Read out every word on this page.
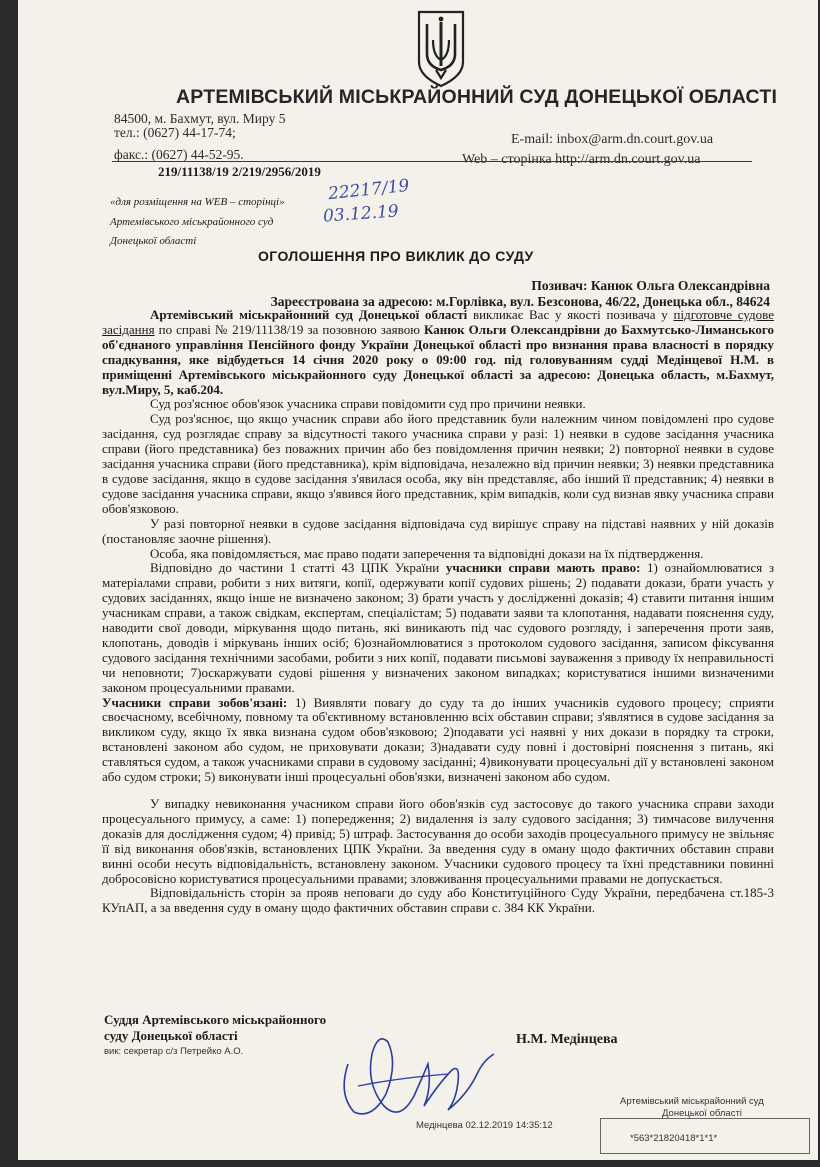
АРТЕМІВСЬКИЙ МІСЬКРАЙОННИЙ СУД ДОНЕЦЬКОЇ ОБЛАСТІ
84500, м. Бахмут, вул. Миру 5
тел.: (0627) 44-17-74;
факс.: (0627) 44-52-95.
E-mail: inbox@arm.dn.court.gov.ua
Web – сторінка http://arm.dn.court.gov.ua
219/11138/19 2/219/2956/2019
«для розміщення на WEB – сторінці»
Артемівського міськрайонного суд
Донецької області
22217/19
03.12.19
ОГОЛОШЕННЯ ПРО ВИКЛИК ДО СУДУ
Позивач: Канюк Ольга Олександрівна
Зареєстрована за адресою: м.Горлівка, вул. Безсонова, 46/22, Донецька обл., 84624

Артемівський міськрайонний суд Донецької області викликає Вас у якості позивача у підготовче судове засідання по справі № 219/11138/19 за позовною заявою Канюк Ольги Олександрівни до Бахмутсько-Лиманського об'єднаного управління Пенсійного фонду України Донецької області про визнання права власності в порядку спадкування, яке відбудеться 14 січня 2020 року о 09:00 год. під головуванням судді Медінцевої Н.М. в приміщенні Артемівського міськрайонного суду Донецької області за адресою: Донецька область, м.Бахмут, вул.Миру, 5, каб.204.

Суд роз'яснює обов'язок учасника справи повідомити суд про причини неявки.

Суд роз'яснює, що якщо учасник справи або його представник були належним чином повідомлені про судове засідання, суд розглядає справу за відсутності такого учасника справи у разі: 1) неявки в судове засідання учасника справи (його представника) без поважних причин або без повідомлення причин неявки; 2) повторної неявки в судове засідання учасника справи (його представника), крім відповідача, незалежно від причин неявки; 3) неявки представника в судове засідання, якщо в судове засідання з'явилася особа, яку він представляє, або інший її представник; 4) неявки в судове засідання учасника справи, якщо з'явився його представник, крім випадків, коли суд визнав явку учасника справи обов'язковою.

У разі повторної неявки в судове засідання відповідача суд вирішує справу на підставі наявних у ній доказів (постановляє заочне рішення).

Особа, яка повідомляється, має право подати заперечення та відповідні докази на їх підтвердження.

Відповідно до частини 1 статті 43 ЦПК України учасники справи мають право: 1) ознайомлюватися з матеріалами справи, робити з них витяги, копії, одержувати копії судових рішень; 2) подавати докази, брати участь у судових засіданнях, якщо інше не визначено законом; 3) брати участь у дослідженні доказів; 4) ставити питання іншим учасникам справи, а також свідкам, експертам, спеціалістам; 5) подавати заяви та клопотання, надавати пояснення суду, наводити свої доводи, міркування щодо питань, які виникають під час судового розгляду, і заперечення проти заяв, клопотань, доводів і міркувань інших осіб; 6)ознайомлюватися з протоколом судового засідання, записом фіксування судового засідання технічними засобами, робити з них копії, подавати письмові зауваження з приводу їх неправильності чи неповноти; 7)оскаржувати судові рішення у визначених законом випадках; користуватися іншими визначеними законом процесуальними правами.

Учасники справи зобов'язані: 1) Виявляти повагу до суду та до інших учасників судового процесу; сприяти своєчасному, всебічному, повному та об'єктивному встановленню всіх обставин справи; з'являтися в судове засідання за викликом суду, якщо їх явка визнана судом обов'язковою; 2)подавати усі наявні у них докази в порядку та строки, встановлені законом або судом, не приховувати докази; 3)надавати суду повні і достовірні пояснення з питань, які ставляться судом, а також учасниками справи в судовому засіданні; 4)виконувати процесуальні дії у встановлені законом або судом строки; 5) виконувати інші процесуальні обов'язки, визначені законом або судом.

У випадку невиконання учасником справи його обов'язків суд застосовує до такого учасника справи заходи процесуального примусу, а саме: 1) попередження; 2) видалення із залу судового засідання; 3) тимчасове вилучення доказів для дослідження судом; 4) привід; 5) штраф. Застосування до особи заходів процесуального примусу не звільняє її від виконання обов'язків, встановлених ЦПК України. За введення суду в оману щодо фактичних обставин справи винні особи несуть відповідальність, встановлену законом. Учасники судового процесу та їхні представники повинні добросовісно користуватися процесуальними правами; зловживання процесуальними правами не допускається.

Відповідальність сторін за прояв неповаги до суду або Конституційного Суду України, передбачена ст.185-3 КУпАП, а за введення суду в оману щодо фактичних обставин справи с. 384 КК України.

Суддя Артемівського міськрайонного
суду Донецької області
вик: секретар с/з Петрейко А.О.
Н.М. Медінцева
Артемівський міськрайонний суд
Донецької області
Медінцева 02.12.2019 14:35:12
*563*21820418*1*1*
